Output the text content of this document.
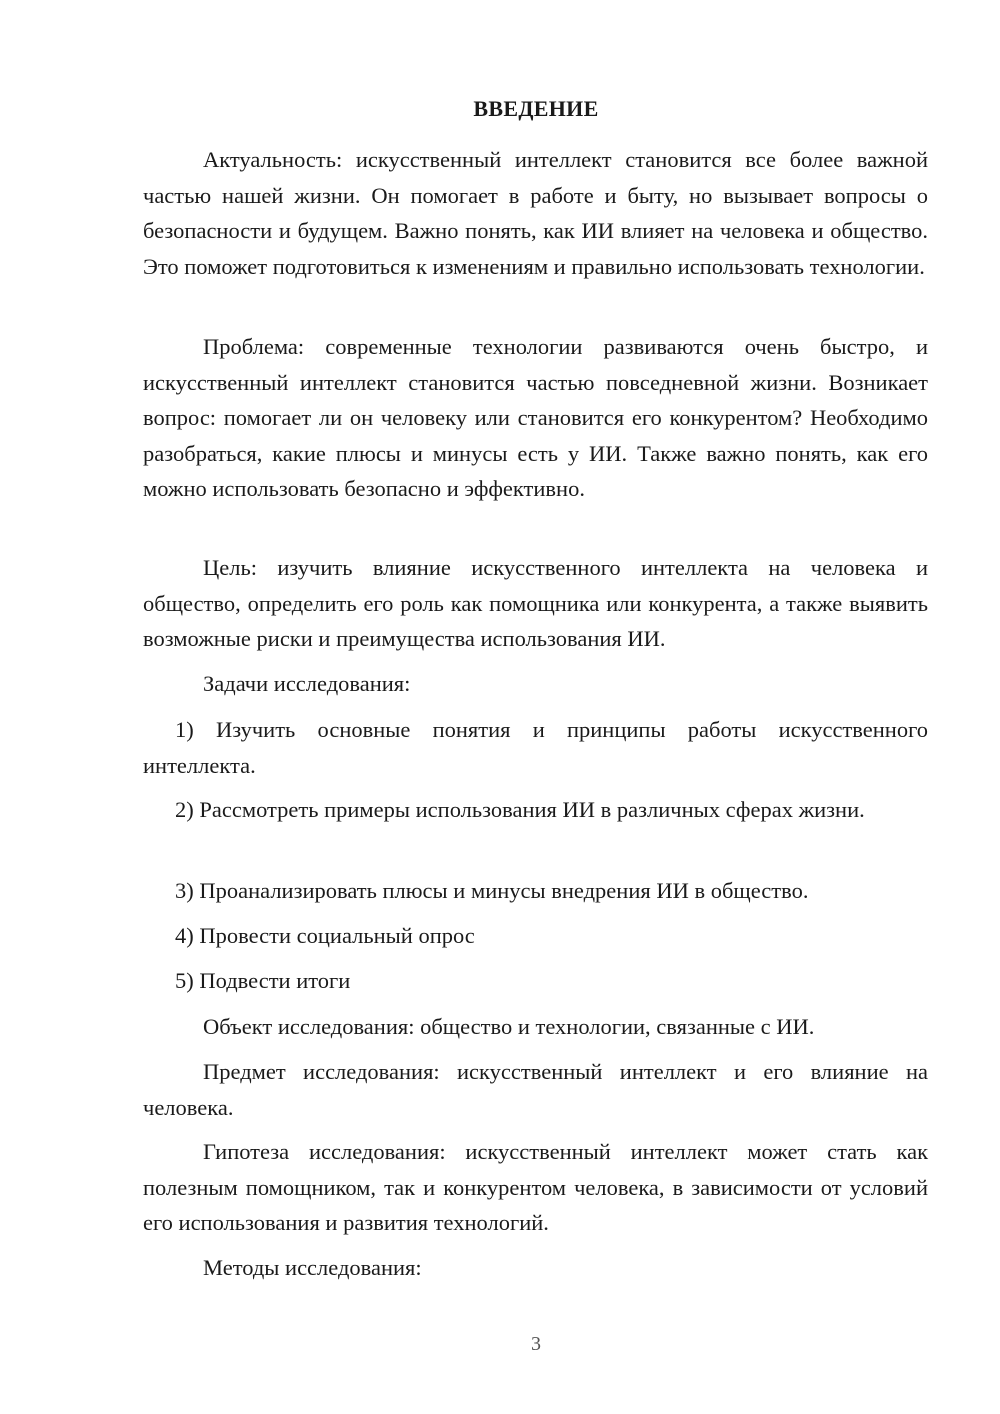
ВВЕДЕНИЕ

Актуальность: искусственный интеллект становится все более важной частью нашей жизни. Он помогает в работе и быту, но вызывает вопросы о безопасности и будущем. Важно понять, как ИИ влияет на человека и общество. Это поможет подготовиться к изменениям и правильно использовать технологии.

Проблема: современные технологии развиваются очень быстро, и искусственный интеллект становится частью повседневной жизни. Возникает вопрос: помогает ли он человеку или становится его конкурентом? Необходимо разобраться, какие плюсы и минусы есть у ИИ. Также важно понять, как его можно использовать безопасно и эффективно.

Цель: изучить влияние искусственного интеллекта на человека и общество, определить его роль как помощника или конкурента, а также выявить возможные риски и преимущества использования ИИ.

Задачи исследования:

1) Изучить основные понятия и принципы работы искусственного интеллекта.

2) Рассмотреть примеры использования ИИ в различных сферах жизни.

3) Проанализировать плюсы и минусы внедрения ИИ в общество.

4) Провести социальный опрос

5) Подвести итоги

Объект исследования: общество и технологии, связанные с ИИ.

Предмет исследования: искусственный интеллект и его влияние на человека.

Гипотеза исследования: искусственный интеллект может стать как полезным помощником, так и конкурентом человека, в зависимости от условий его использования и развития технологий.

Методы исследования:

3
